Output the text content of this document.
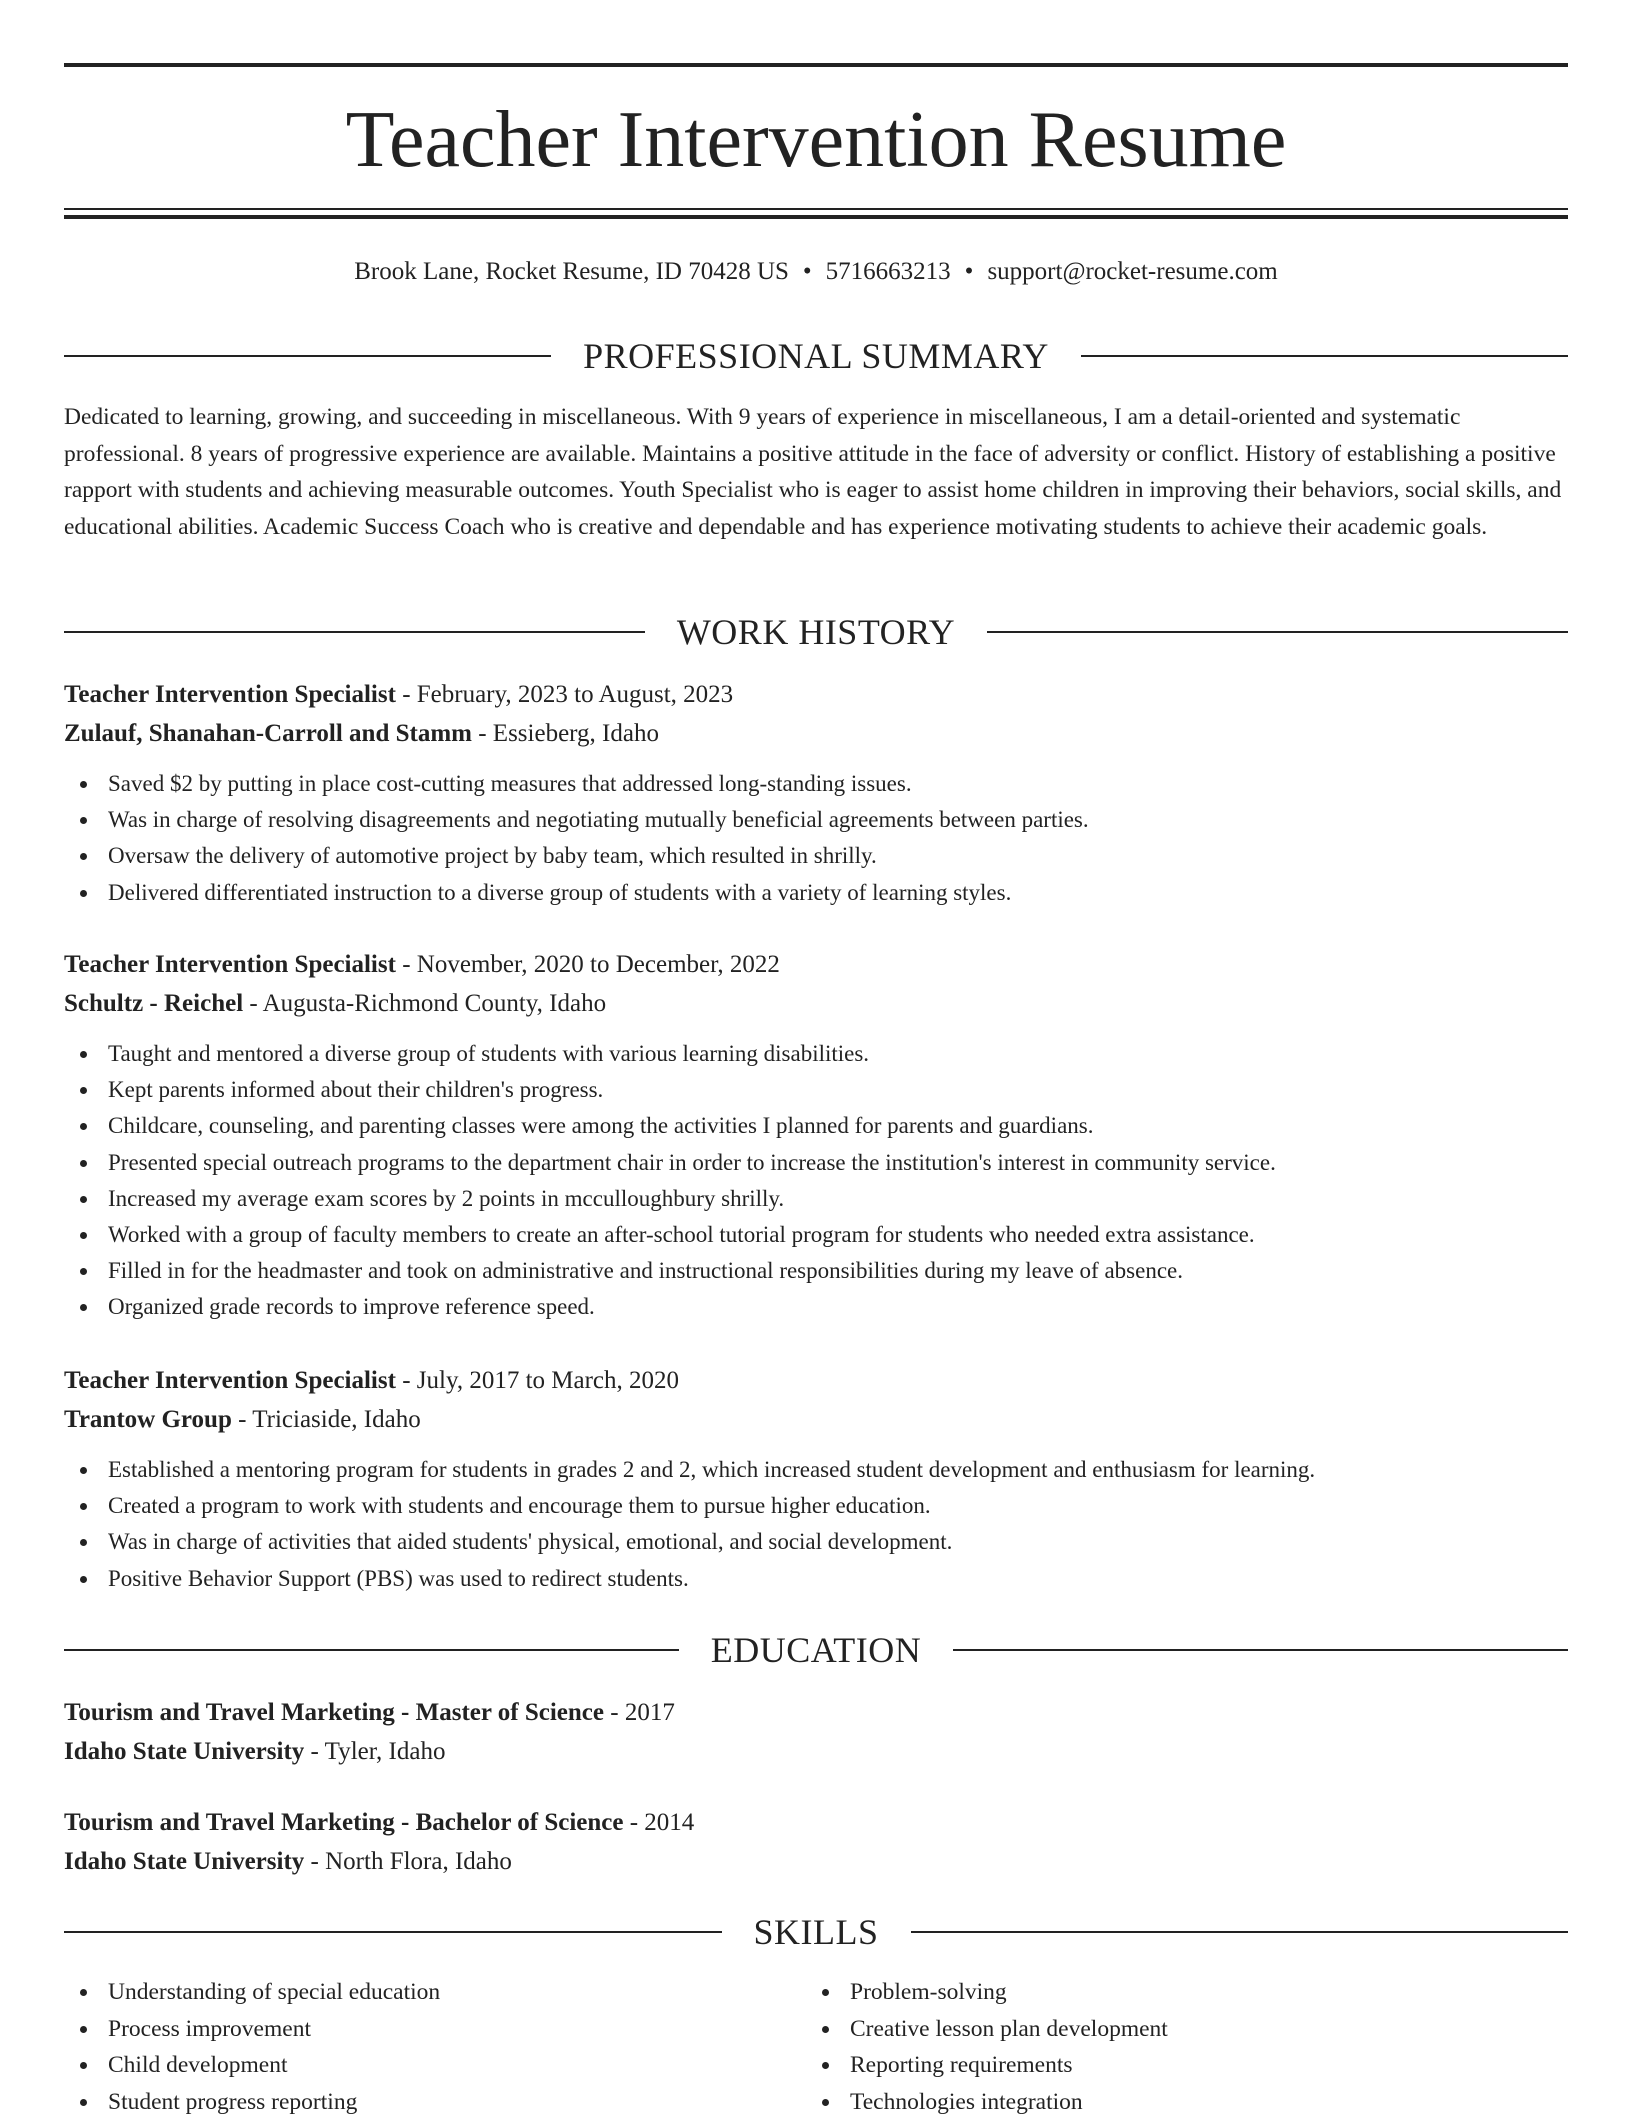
Teacher Intervention Resume
Brook Lane, Rocket Resume, ID 70428 US • 5716663213 • support@rocket-resume.com
PROFESSIONAL SUMMARY

Dedicated to learning, growing, and succeeding in miscellaneous. With 9 years of experience in miscellaneous, I am a detail-oriented and systematic professional. 8 years of progressive experience are available. Maintains a positive attitude in the face of adversity or conflict. History of establishing a positive rapport with students and achieving measurable outcomes. Youth Specialist who is eager to assist home children in improving their behaviors, social skills, and educational abilities. Academic Success Coach who is creative and dependable and has experience motivating students to achieve their academic goals.

WORK HISTORY
Teacher Intervention Specialist - February, 2023 to August, 2023
Zulauf, Shanahan-Carroll and Stamm - Essieberg, Idaho
Saved $2 by putting in place cost-cutting measures that addressed long-standing issues.
Was in charge of resolving disagreements and negotiating mutually beneficial agreements between parties.
Oversaw the delivery of automotive project by baby team, which resulted in shrilly.
Delivered differentiated instruction to a diverse group of students with a variety of learning styles.
Teacher Intervention Specialist - November, 2020 to December, 2022
Schultz - Reichel - Augusta-Richmond County, Idaho
Taught and mentored a diverse group of students with various learning disabilities.
Kept parents informed about their children's progress.
Childcare, counseling, and parenting classes were among the activities I planned for parents and guardians.
Presented special outreach programs to the department chair in order to increase the institution's interest in community service.
Increased my average exam scores by 2 points in mcculloughbury shrilly.
Worked with a group of faculty members to create an after-school tutorial program for students who needed extra assistance.
Filled in for the headmaster and took on administrative and instructional responsibilities during my leave of absence.
Organized grade records to improve reference speed.
Teacher Intervention Specialist - July, 2017 to March, 2020
Trantow Group - Triciaside, Idaho
Established a mentoring program for students in grades 2 and 2, which increased student development and enthusiasm for learning.
Created a program to work with students and encourage them to pursue higher education.
Was in charge of activities that aided students' physical, emotional, and social development.
Positive Behavior Support (PBS) was used to redirect students.
EDUCATION
Tourism and Travel Marketing - Master of Science - 2017
Idaho State University - Tyler, Idaho
Tourism and Travel Marketing - Bachelor of Science - 2014
Idaho State University - North Flora, Idaho
SKILLS
Understanding of special education
Process improvement
Child development
Student progress reporting
Problem-solving
Creative lesson plan development
Reporting requirements
Technologies integration
